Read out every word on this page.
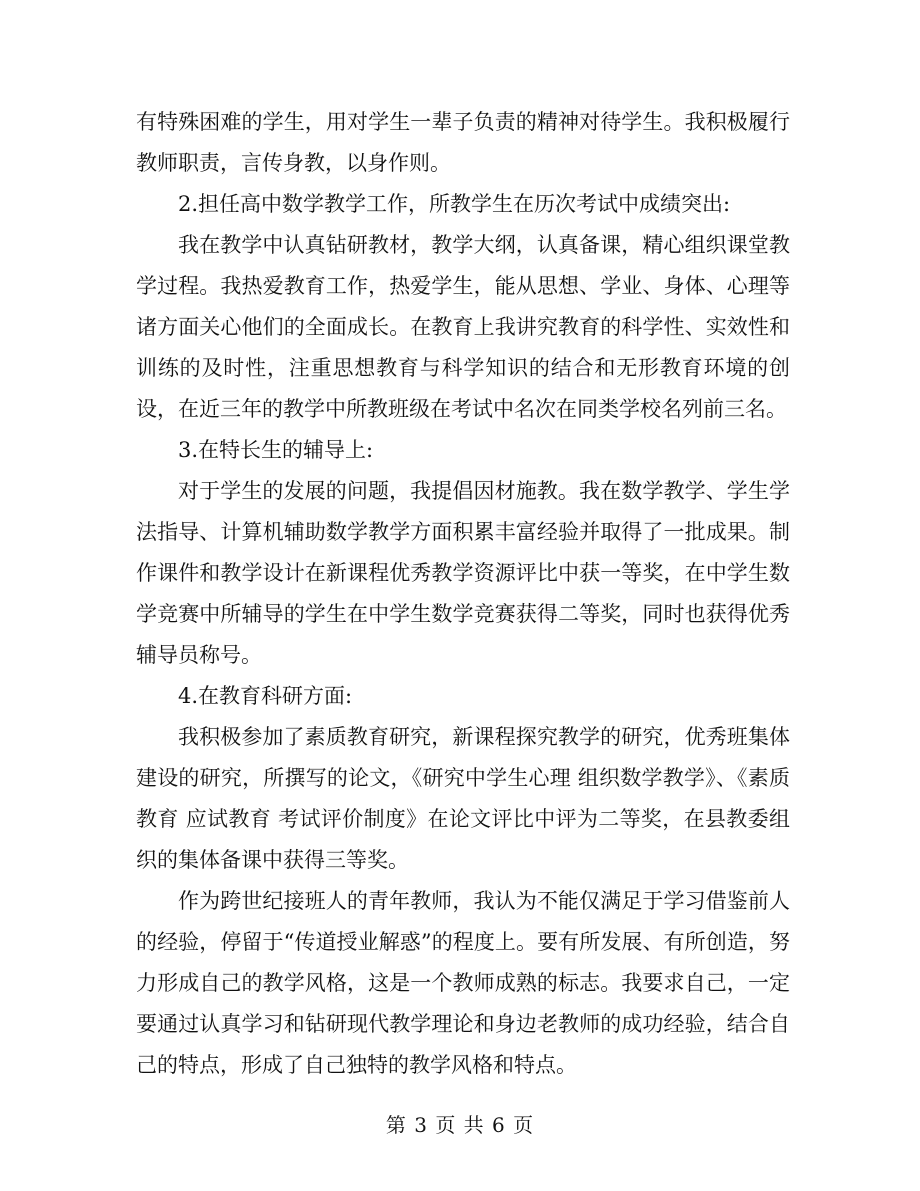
有特殊困难的学生，用对学生一辈子负责的精神对待学生。我积极履行教师职责，言传身教，以身作则。

2.担任高中数学教学工作，所教学生在历次考试中成绩突出:

我在教学中认真钻研教材，教学大纲，认真备课，精心组织课堂教学过程。我热爱教育工作，热爱学生，能从思想、学业、身体、心理等诸方面关心他们的全面成长。在教育上我讲究教育的科学性、实效性和训练的及时性，注重思想教育与科学知识的结合和无形教育环境的创设，在近三年的教学中所教班级在考试中名次在同类学校名列前三名。

3.在特长生的辅导上:

对于学生的发展的问题，我提倡因材施教。我在数学教学、学生学法指导、计算机辅助数学教学方面积累丰富经验并取得了一批成果。制作课件和教学设计在新课程优秀教学资源评比中获一等奖，在中学生数学竞赛中所辅导的学生在中学生数学竞赛获得二等奖，同时也获得优秀辅导员称号。

4.在教育科研方面:

我积极参加了素质教育研究，新课程探究教学的研究，优秀班集体建设的研究，所撰写的论文，《研究中学生心理 组织数学教学》、《素质教育 应试教育 考试评价制度》在论文评比中评为二等奖，在县教委组织的集体备课中获得三等奖。

作为跨世纪接班人的青年教师，我认为不能仅满足于学习借鉴前人的经验，停留于“传道授业解惑”的程度上。要有所发展、有所创造，努力形成自己的教学风格，这是一个教师成熟的标志。我要求自己，一定要通过认真学习和钻研现代教学理论和身边老教师的成功经验，结合自己的特点，形成了自己独特的教学风格和特点。

第 3 页 共 6 页
